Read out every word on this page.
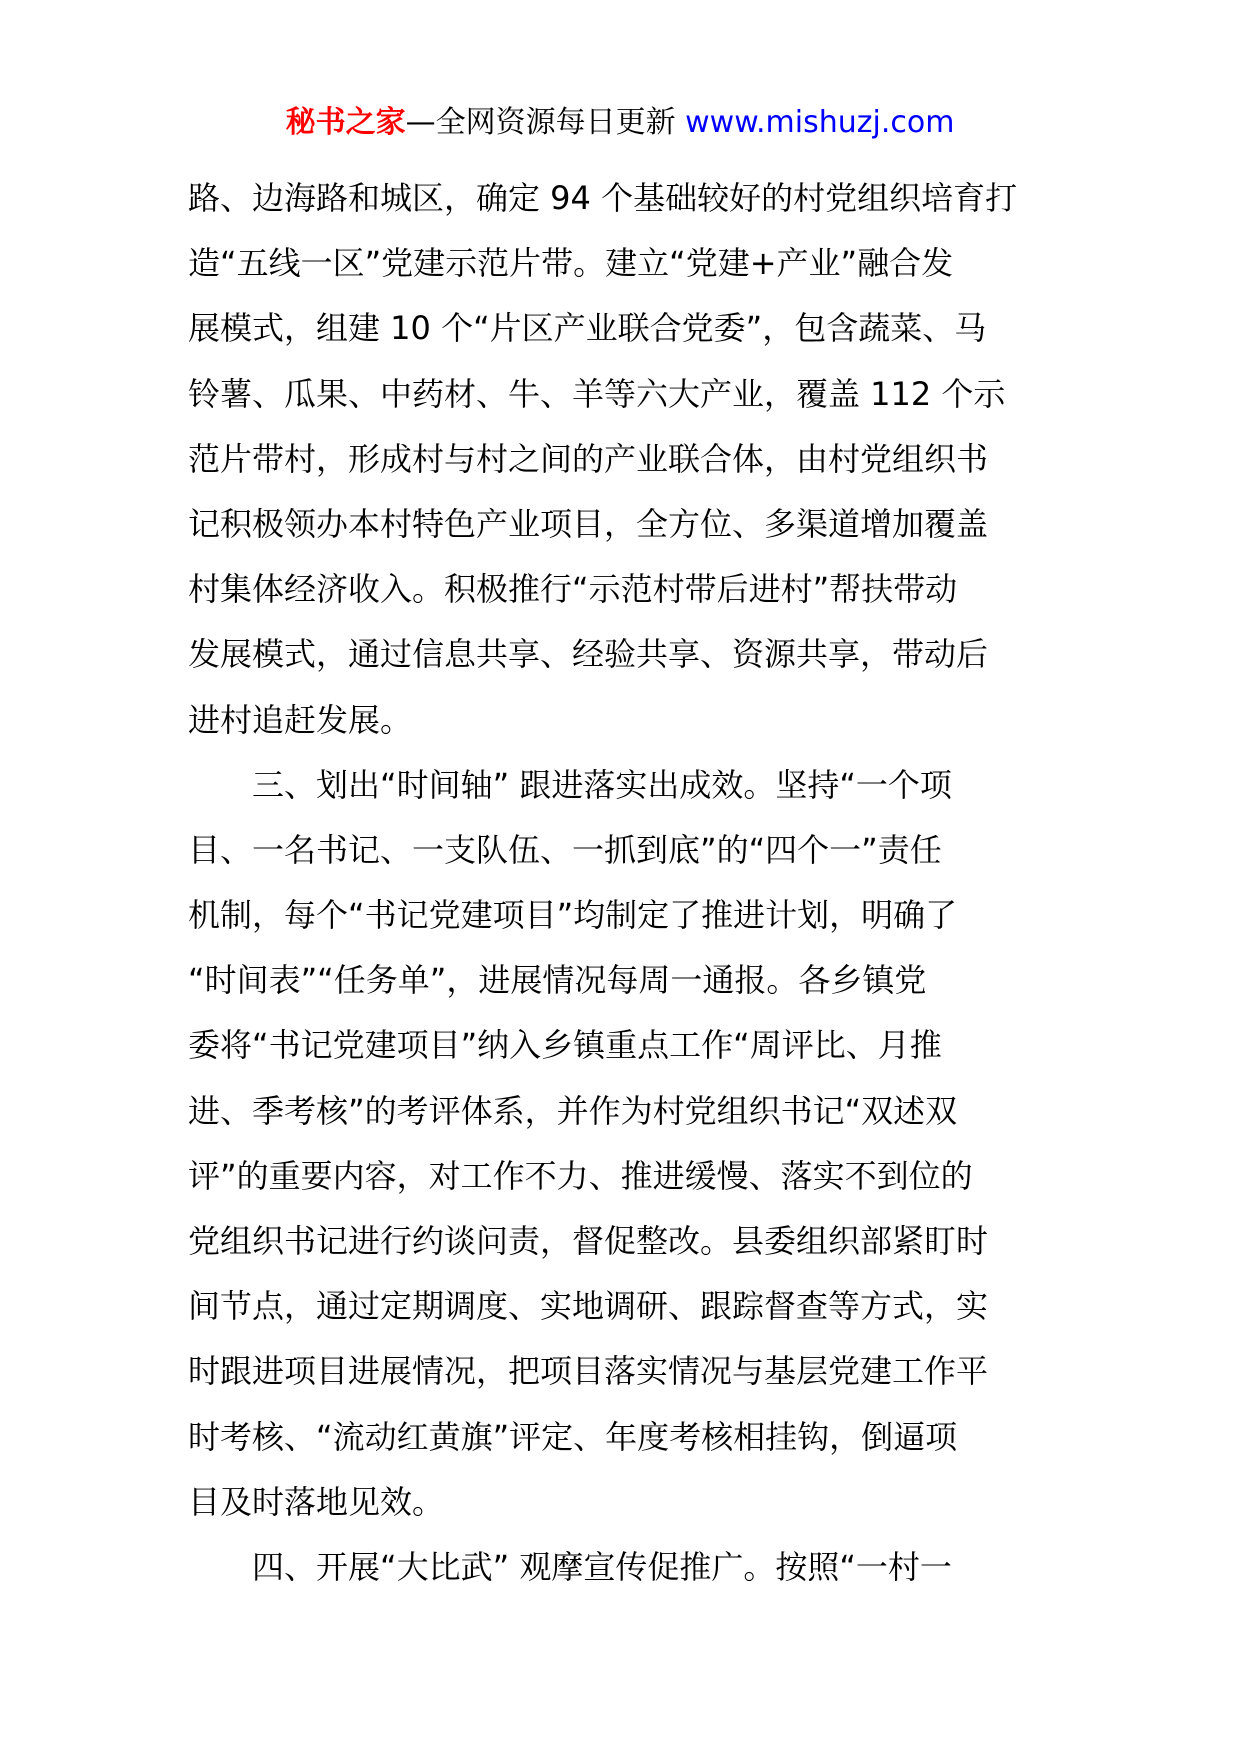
秘书之家—全网资源每日更新 www.mishuzj.com
路、边海路和城区，确定 94 个基础较好的村党组织培育打
造“五线一区”党建示范片带。建立“党建+产业”融合发
展模式，组建 10 个“片区产业联合党委”，包含蔬菜、马
铃薯、瓜果、中药材、牛、羊等六大产业，覆盖 112 个示
范片带村，形成村与村之间的产业联合体，由村党组织书
记积极领办本村特色产业项目，全方位、多渠道增加覆盖
村集体经济收入。积极推行“示范村带后进村”帮扶带动
发展模式，通过信息共享、经验共享、资源共享，带动后
进村追赶发展。
　　三、划出“时间轴” 跟进落实出成效。坚持“一个项
目、一名书记、一支队伍、一抓到底”的“四个一”责任
机制，每个“书记党建项目”均制定了推进计划，明确了
“时间表”“任务单”，进展情况每周一通报。各乡镇党
委将“书记党建项目”纳入乡镇重点工作“周评比、月推
进、季考核”的考评体系，并作为村党组织书记“双述双
评”的重要内容，对工作不力、推进缓慢、落实不到位的
党组织书记进行约谈问责，督促整改。县委组织部紧盯时
间节点，通过定期调度、实地调研、跟踪督查等方式，实
时跟进项目进展情况，把项目落实情况与基层党建工作平
时考核、“流动红黄旗”评定、年度考核相挂钩，倒逼项
目及时落地见效。
　　四、开展“大比武” 观摩宣传促推广。按照“一村一
